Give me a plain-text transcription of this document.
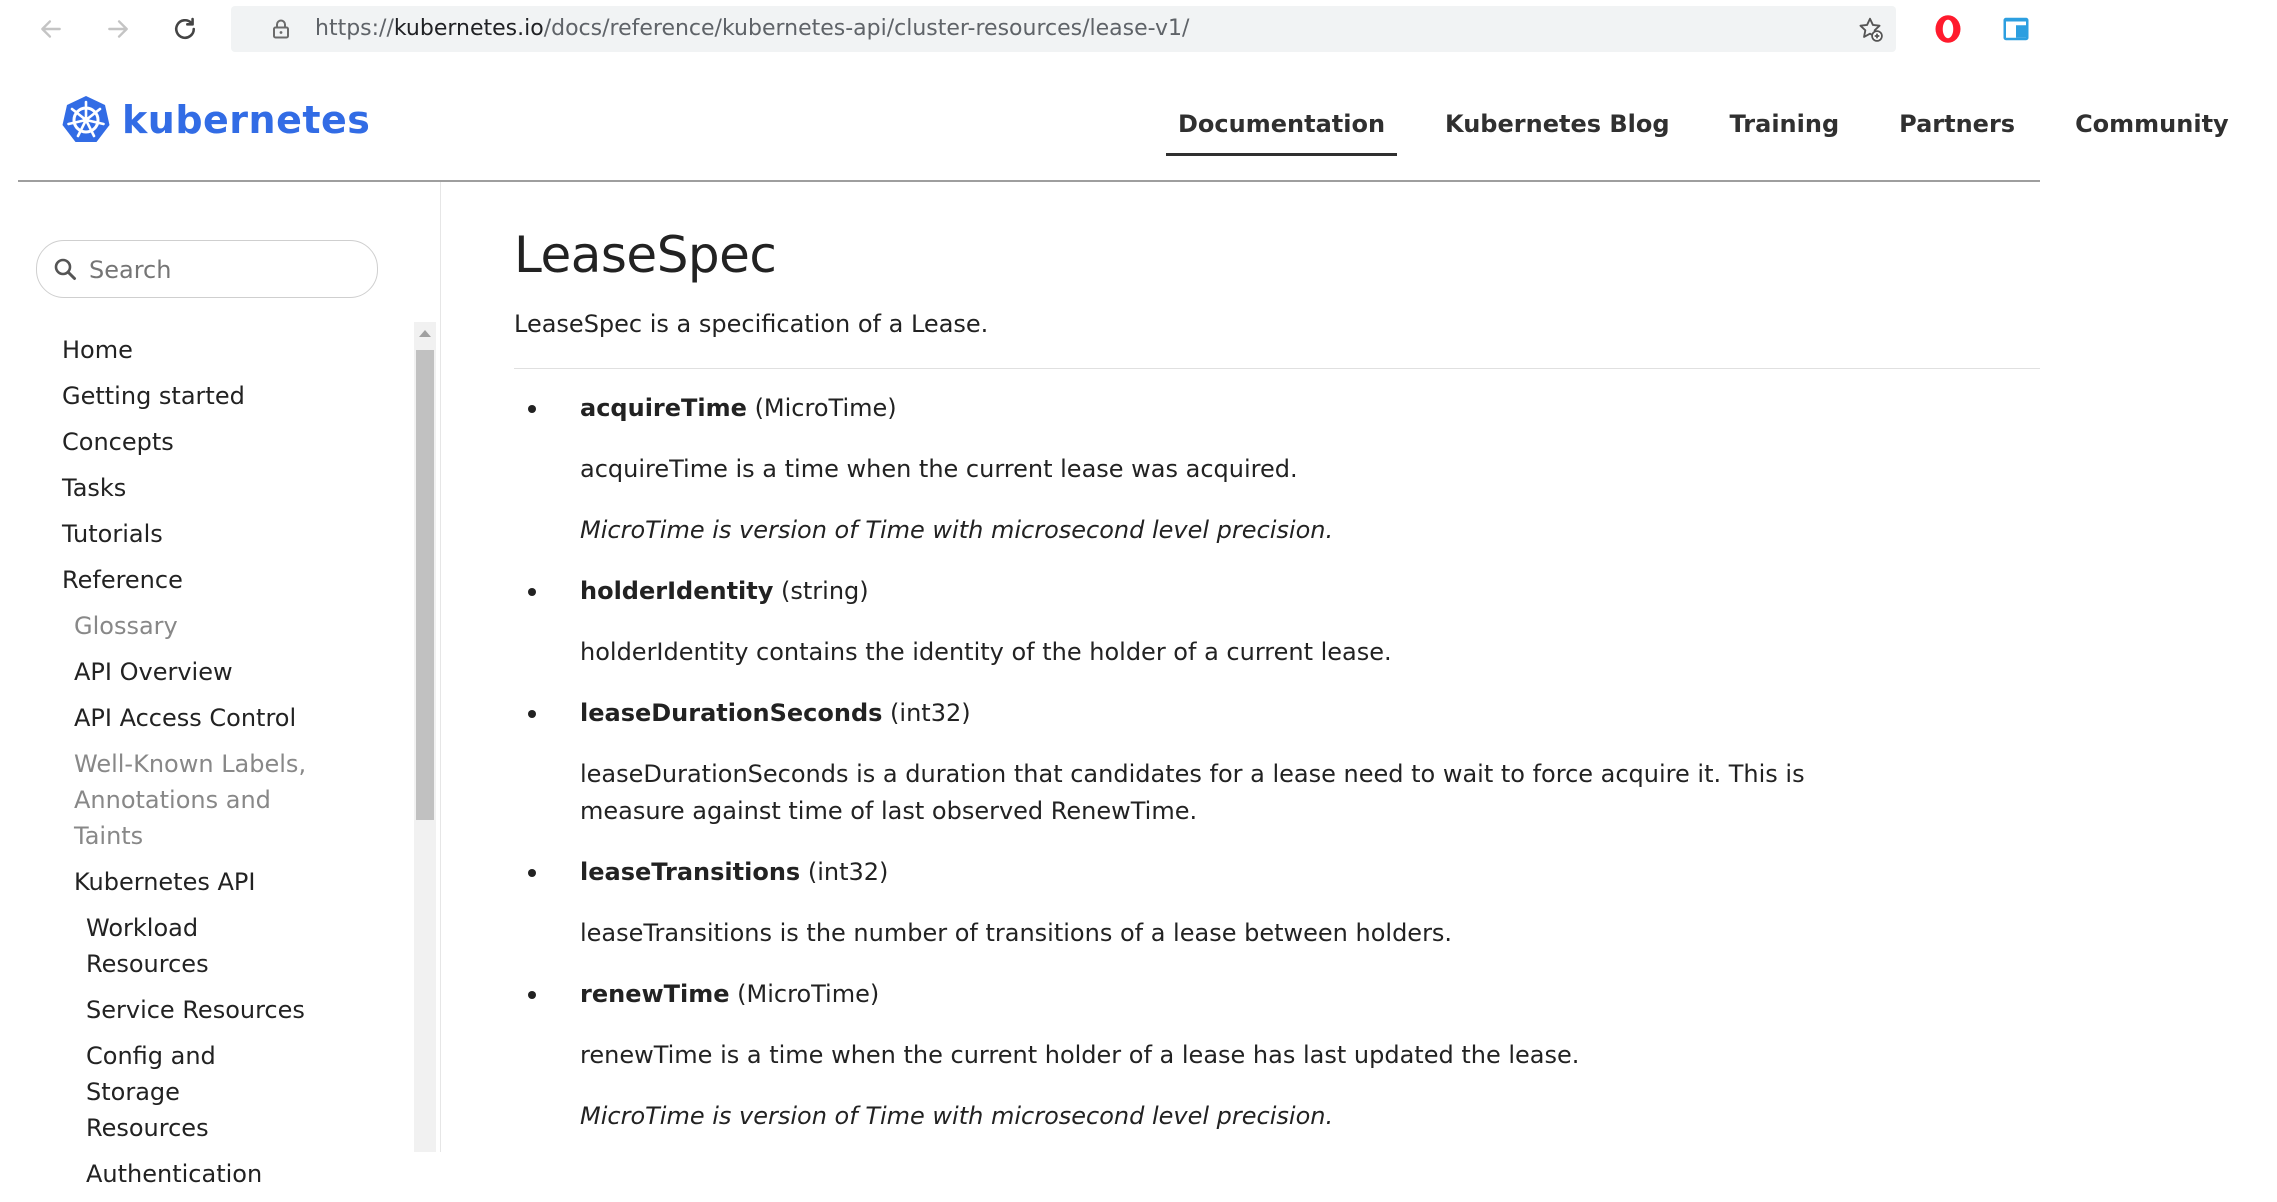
https://kubernetes.io/docs/reference/kubernetes-api/cluster-resources/lease-v1/
kubernetes	Documentation	Kubernetes Blog	Training	Partners	Community
Search
Home
Getting started
Concepts
Tasks
Tutorials
Reference
Glossary
API Overview
API Access Control
Well-Known Labels, Annotations and Taints
Kubernetes API
Workload Resources
Service Resources
Config and Storage Resources
Authentication
LeaseSpec
LeaseSpec is a specification of a Lease.
acquireTime (MicroTime)
acquireTime is a time when the current lease was acquired.
MicroTime is version of Time with microsecond level precision.
holderIdentity (string)
holderIdentity contains the identity of the holder of a current lease.
leaseDurationSeconds (int32)
leaseDurationSeconds is a duration that candidates for a lease need to wait to force acquire it. This is measure against time of last observed RenewTime.
leaseTransitions (int32)
leaseTransitions is the number of transitions of a lease between holders.
renewTime (MicroTime)
renewTime is a time when the current holder of a lease has last updated the lease.
MicroTime is version of Time with microsecond level precision.
